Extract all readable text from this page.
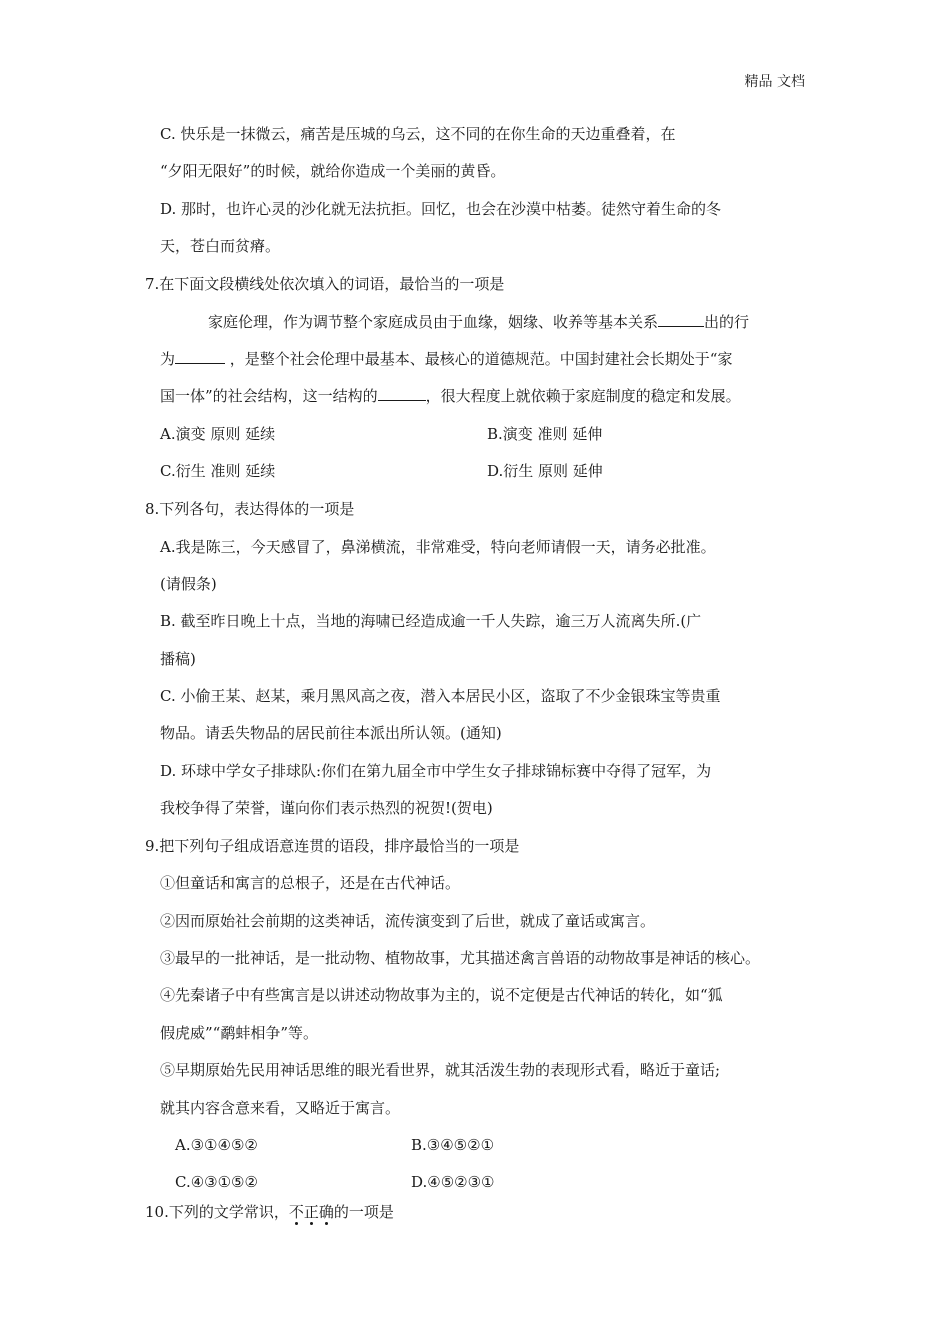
精品 文档
C. 快乐是一抹微云，痛苦是压城的乌云，这不同的在你生命的天边重叠着，在
“夕阳无限好”的时候，就给你造成一个美丽的黄昏。
D. 那时，也许心灵的沙化就无法抗拒。回忆，也会在沙漠中枯萎。徒然守着生命的冬
天，苍白而贫瘠。
7.在下面文段横线处依次填入的词语，最恰当的一项是
家庭伦理，作为调节整个家庭成员由于血缘，姻缘、收养等基本关系	出的行
为	，是整个社会伦理中最基本、最核心的道德规范。中国封建社会长期处于“家
国一体”的社会结构，这一结构的	，很大程度上就依赖于家庭制度的稳定和发展。
A.演变 原则 延续	B.演变 准则 延伸
C.衍生 准则 延续	D.衍生 原则 延伸
8.下列各句，表达得体的一项是
A.我是陈三，今天感冒了，鼻涕横流，非常难受，特向老师请假一天，请务必批准。
(请假条)
B. 截至昨日晚上十点，当地的海啸已经造成逾一千人失踪，逾三万人流离失所.(广
播稿)
C. 小偷王某、赵某，乘月黑风高之夜，潜入本居民小区，盗取了不少金银珠宝等贵重
物品。请丢失物品的居民前往本派出所认领。(通知)
D. 环球中学女子排球队:你们在第九届全市中学生女子排球锦标赛中夺得了冠军，为
我校争得了荣誉，谨向你们表示热烈的祝贺!(贺电)
9.把下列句子组成语意连贯的语段，排序最恰当的一项是
①但童话和寓言的总根子，还是在古代神话。
②因而原始社会前期的这类神话，流传演变到了后世，就成了童话或寓言。
③最早的一批神话，是一批动物、植物故事，尤其描述禽言兽语的动物故事是神话的核心。
④先秦诸子中有些寓言是以讲述动物故事为主的，说不定便是古代神话的转化，如“狐
假虎威”“鹬蚌相争”等。
⑤早期原始先民用神话思维的眼光看世界，就其活泼生勃的表现形式看，略近于童话;
就其内容含意来看，又略近于寓言。
A.③①④⑤②	B.③④⑤②①
C.④③①⑤②	D.④⑤②③①
10.下列的文学常识，不正确
的一项是
